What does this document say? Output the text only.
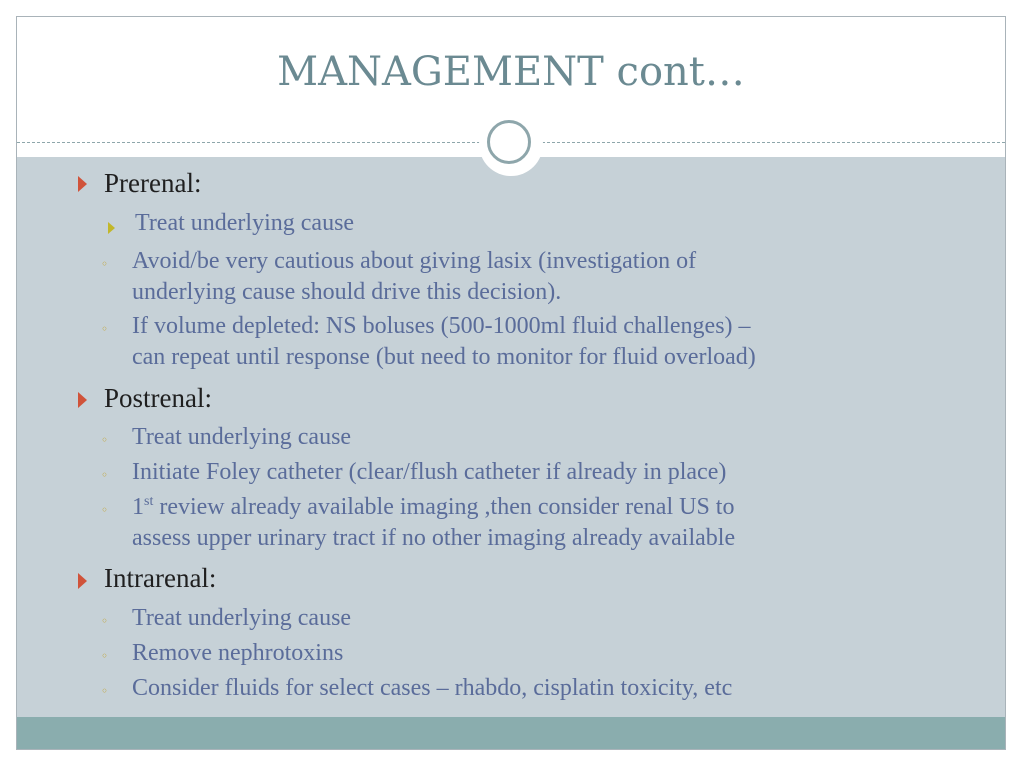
MANAGEMENT cont…
Prerenal:
Treat underlying cause
◦ Avoid/be very cautious about giving lasix (investigation of
underlying cause should drive this decision).
◦ If volume depleted: NS boluses (500-1000ml fluid challenges) –
can repeat until response (but need to monitor for fluid overload)
Postrenal:
◦ Treat underlying cause
◦ Initiate Foley catheter (clear/flush catheter if already in place)
◦ 1st review already available imaging ,then consider renal US to
assess upper urinary tract if no other imaging already available
Intrarenal:
◦ Treat underlying cause
◦ Remove nephrotoxins
◦ Consider fluids for select cases – rhabdo, cisplatin toxicity, etc
